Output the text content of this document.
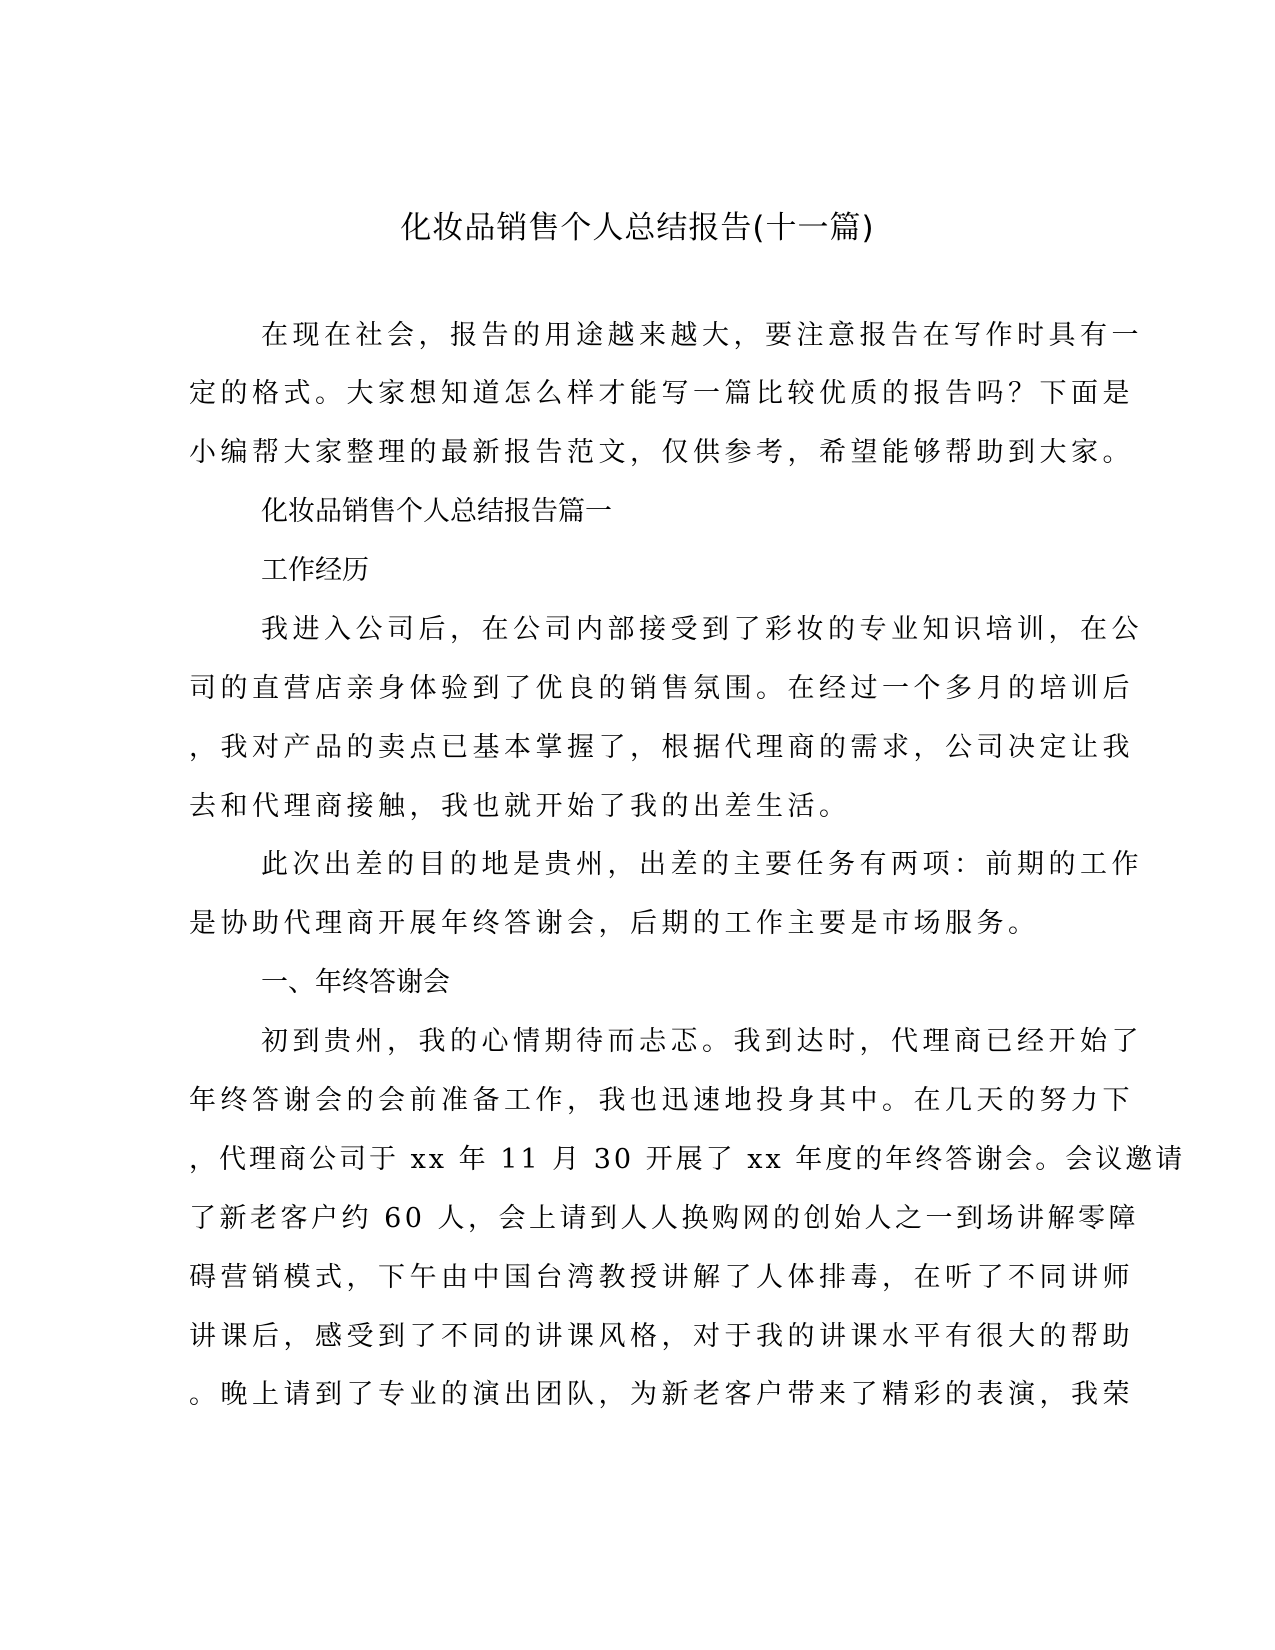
化妆品销售个人总结报告(十一篇)

在现在社会，报告的用途越来越大，要注意报告在写作时具有一

定的格式。大家想知道怎么样才能写一篇比较优质的报告吗？下面是

小编帮大家整理的最新报告范文，仅供参考，希望能够帮助到大家。

化妆品销售个人总结报告篇一

工作经历

我进入公司后，在公司内部接受到了彩妆的专业知识培训，在公

司的直营店亲身体验到了优良的销售氛围。在经过一个多月的培训后

，我对产品的卖点已基本掌握了，根据代理商的需求，公司决定让我

去和代理商接触，我也就开始了我的出差生活。

此次出差的目的地是贵州，出差的主要任务有两项：前期的工作

是协助代理商开展年终答谢会，后期的工作主要是市场服务。

一、年终答谢会

初到贵州，我的心情期待而忐忑。我到达时，代理商已经开始了

年终答谢会的会前准备工作，我也迅速地投身其中。在几天的努力下

，代理商公司于 xx 年 11 月 30 开展了 xx 年度的年终答谢会。会议邀请

了新老客户约 60 人，会上请到人人换购网的创始人之一到场讲解零障

碍营销模式，下午由中国台湾教授讲解了人体排毒，在听了不同讲师

讲课后，感受到了不同的讲课风格，对于我的讲课水平有很大的帮助

。晚上请到了专业的演出团队，为新老客户带来了精彩的表演，我荣
